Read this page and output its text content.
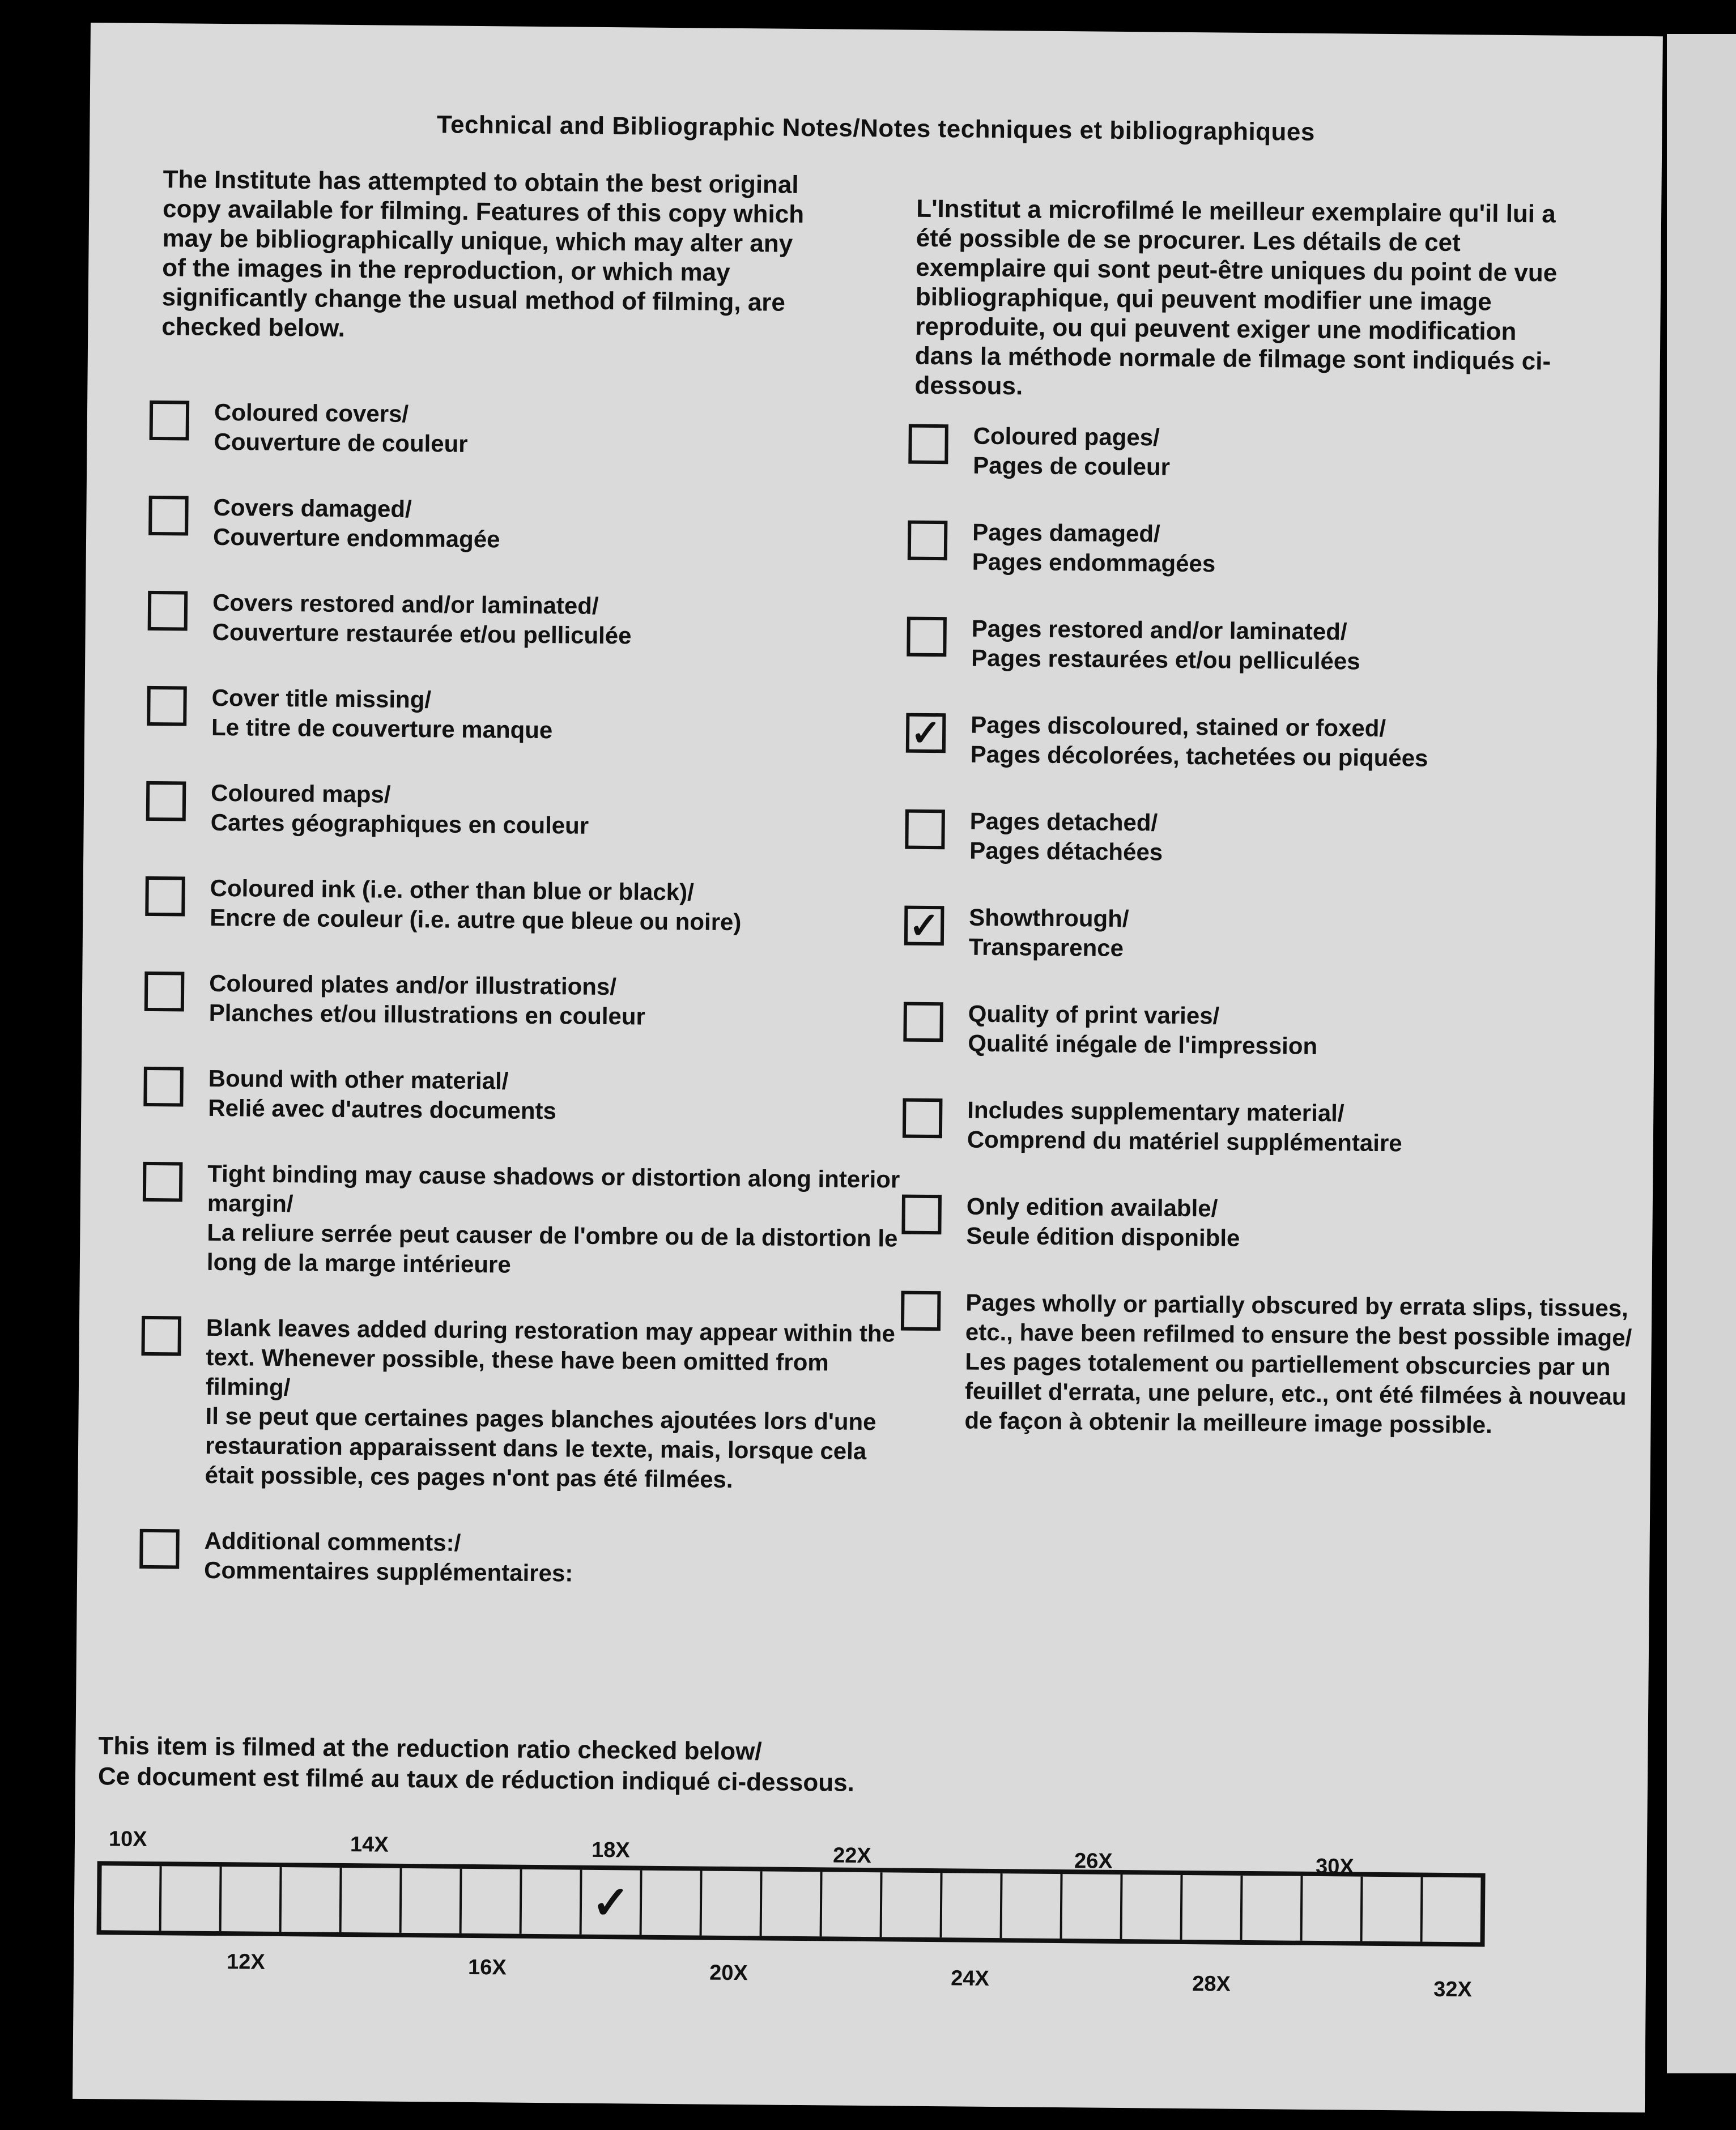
Technical and Bibliographic Notes/Notes techniques et bibliographiques
The Institute has attempted to obtain the best original copy available for filming. Features of this copy which may be bibliographically unique, which may alter any of the images in the reproduction, or which may significantly change the usual method of filming, are checked below.
L'Institut a microfilmé le meilleur exemplaire qu'il lui a été possible de se procurer. Les détails de cet exemplaire qui sont peut-être uniques du point de vue bibliographique, qui peuvent modifier une image reproduite, ou qui peuvent exiger une modification dans la méthode normale de filmage sont indiqués ci-dessous.
Coloured covers/
Couverture de couleur
Covers damaged/
Couverture endommagée
Covers restored and/or laminated/
Couverture restaurée et/ou pelliculée
Cover title missing/
Le titre de couverture manque
Coloured maps/
Cartes géographiques en couleur
Coloured ink (i.e. other than blue or black)/
Encre de couleur (i.e. autre que bleue ou noire)
Coloured plates and/or illustrations/
Planches et/ou illustrations en couleur
Bound with other material/
Relié avec d'autres documents
Tight binding may cause shadows or distortion along interior margin/
La reliure serrée peut causer de l'ombre ou de la distortion le long de la marge intérieure
Blank leaves added during restoration may appear within the text. Whenever possible, these have been omitted from filming/
Il se peut que certaines pages blanches ajoutées lors d'une restauration apparaissent dans le texte, mais, lorsque cela était possible, ces pages n'ont pas été filmées.
Additional comments:/
Commentaires supplémentaires:
Coloured pages/
Pages de couleur
Pages damaged/
Pages endommagées
Pages restored and/or laminated/
Pages restaurées et/ou pelliculées
✓ Pages discoloured, stained or foxed/
Pages décolorées, tachetées ou piquées
Pages detached/
Pages détachées
✓ Showthrough/
Transparence
Quality of print varies/
Qualité inégale de l'impression
Includes supplementary material/
Comprend du matériel supplémentaire
Only edition available/
Seule édition disponible
Pages wholly or partially obscured by errata slips, tissues, etc., have been refilmed to ensure the best possible image/
Les pages totalement ou partiellement obscurcies par un feuillet d'errata, une pelure, etc., ont été filmées à nouveau de façon à obtenir la meilleure image possible.
This item is filmed at the reduction ratio checked below/
Ce document est filmé au taux de réduction indiqué ci-dessous.
✓
10X	14X	18X	22X	26X	30X
12X	16X	20X	24X	28X	32X
